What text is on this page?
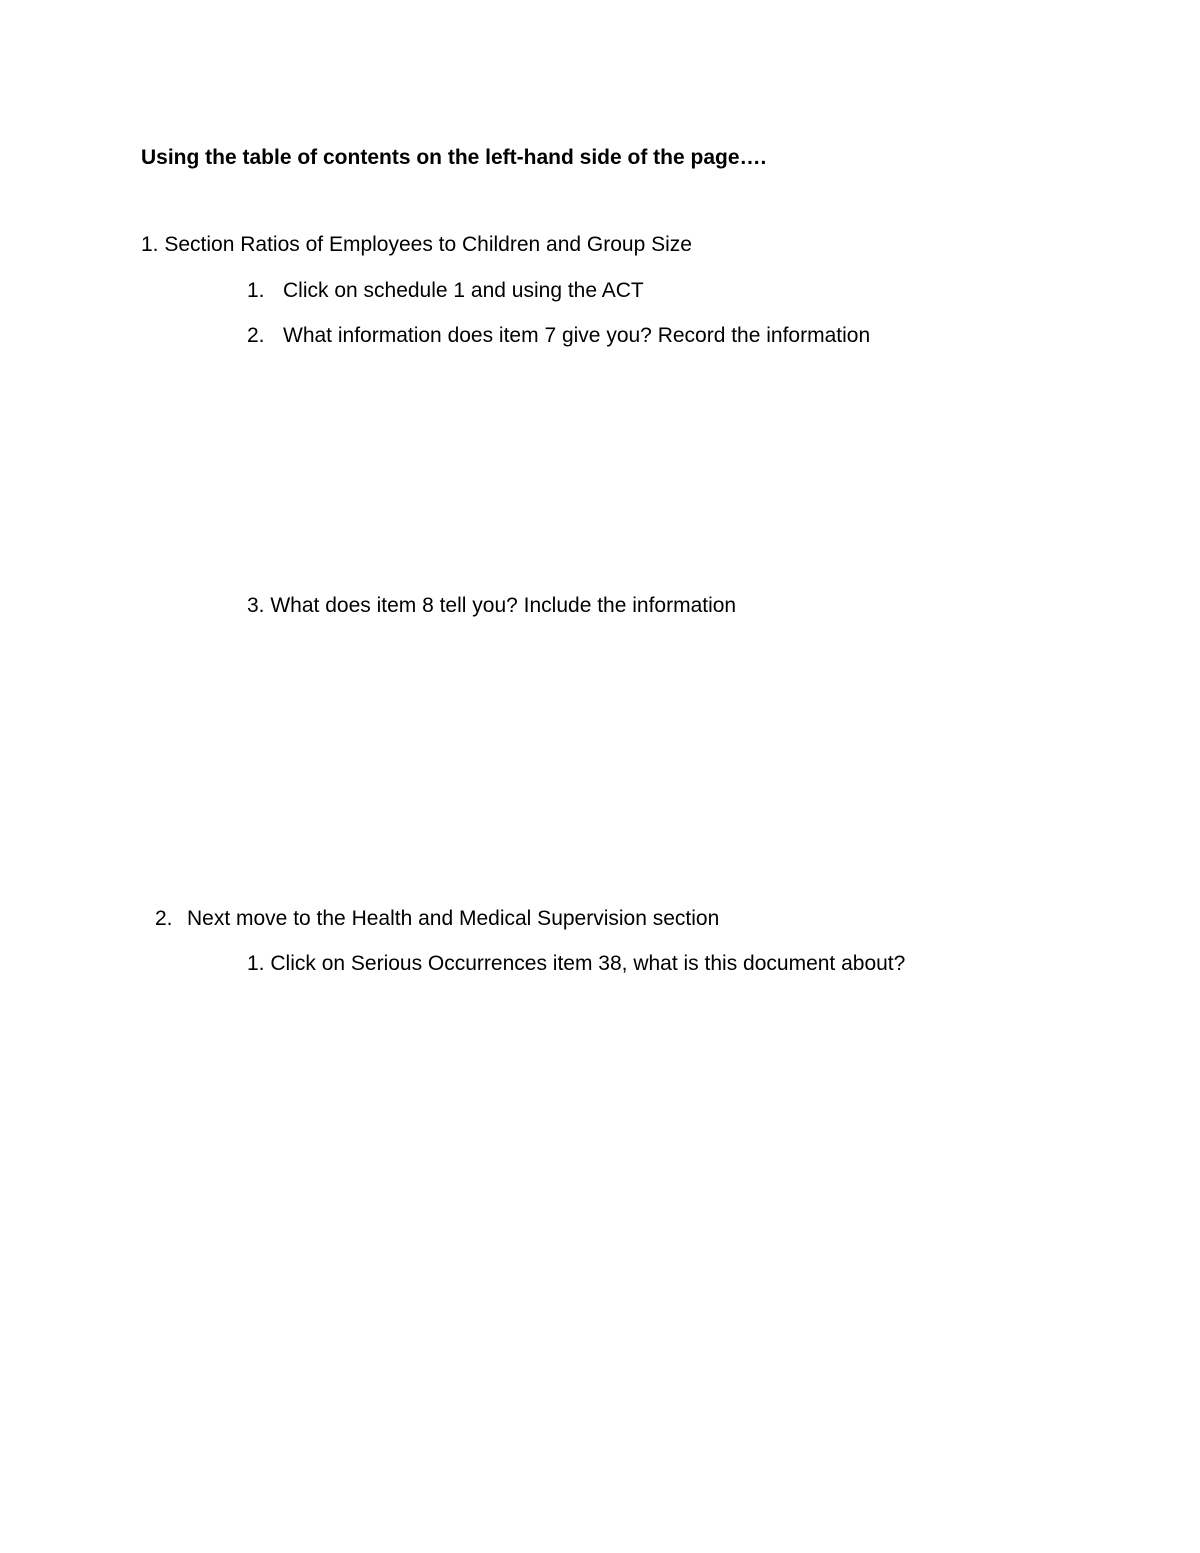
Using the table of contents on the left-hand side of the page….
1. Section Ratios of Employees to Children and Group Size
1. Click on schedule 1 and using the ACT
2. What information does item 7 give you? Record the information
3. What does item 8 tell you? Include the information
2. Next move to the Health and Medical Supervision section
1. Click on Serious Occurrences item 38, what is this document about?
